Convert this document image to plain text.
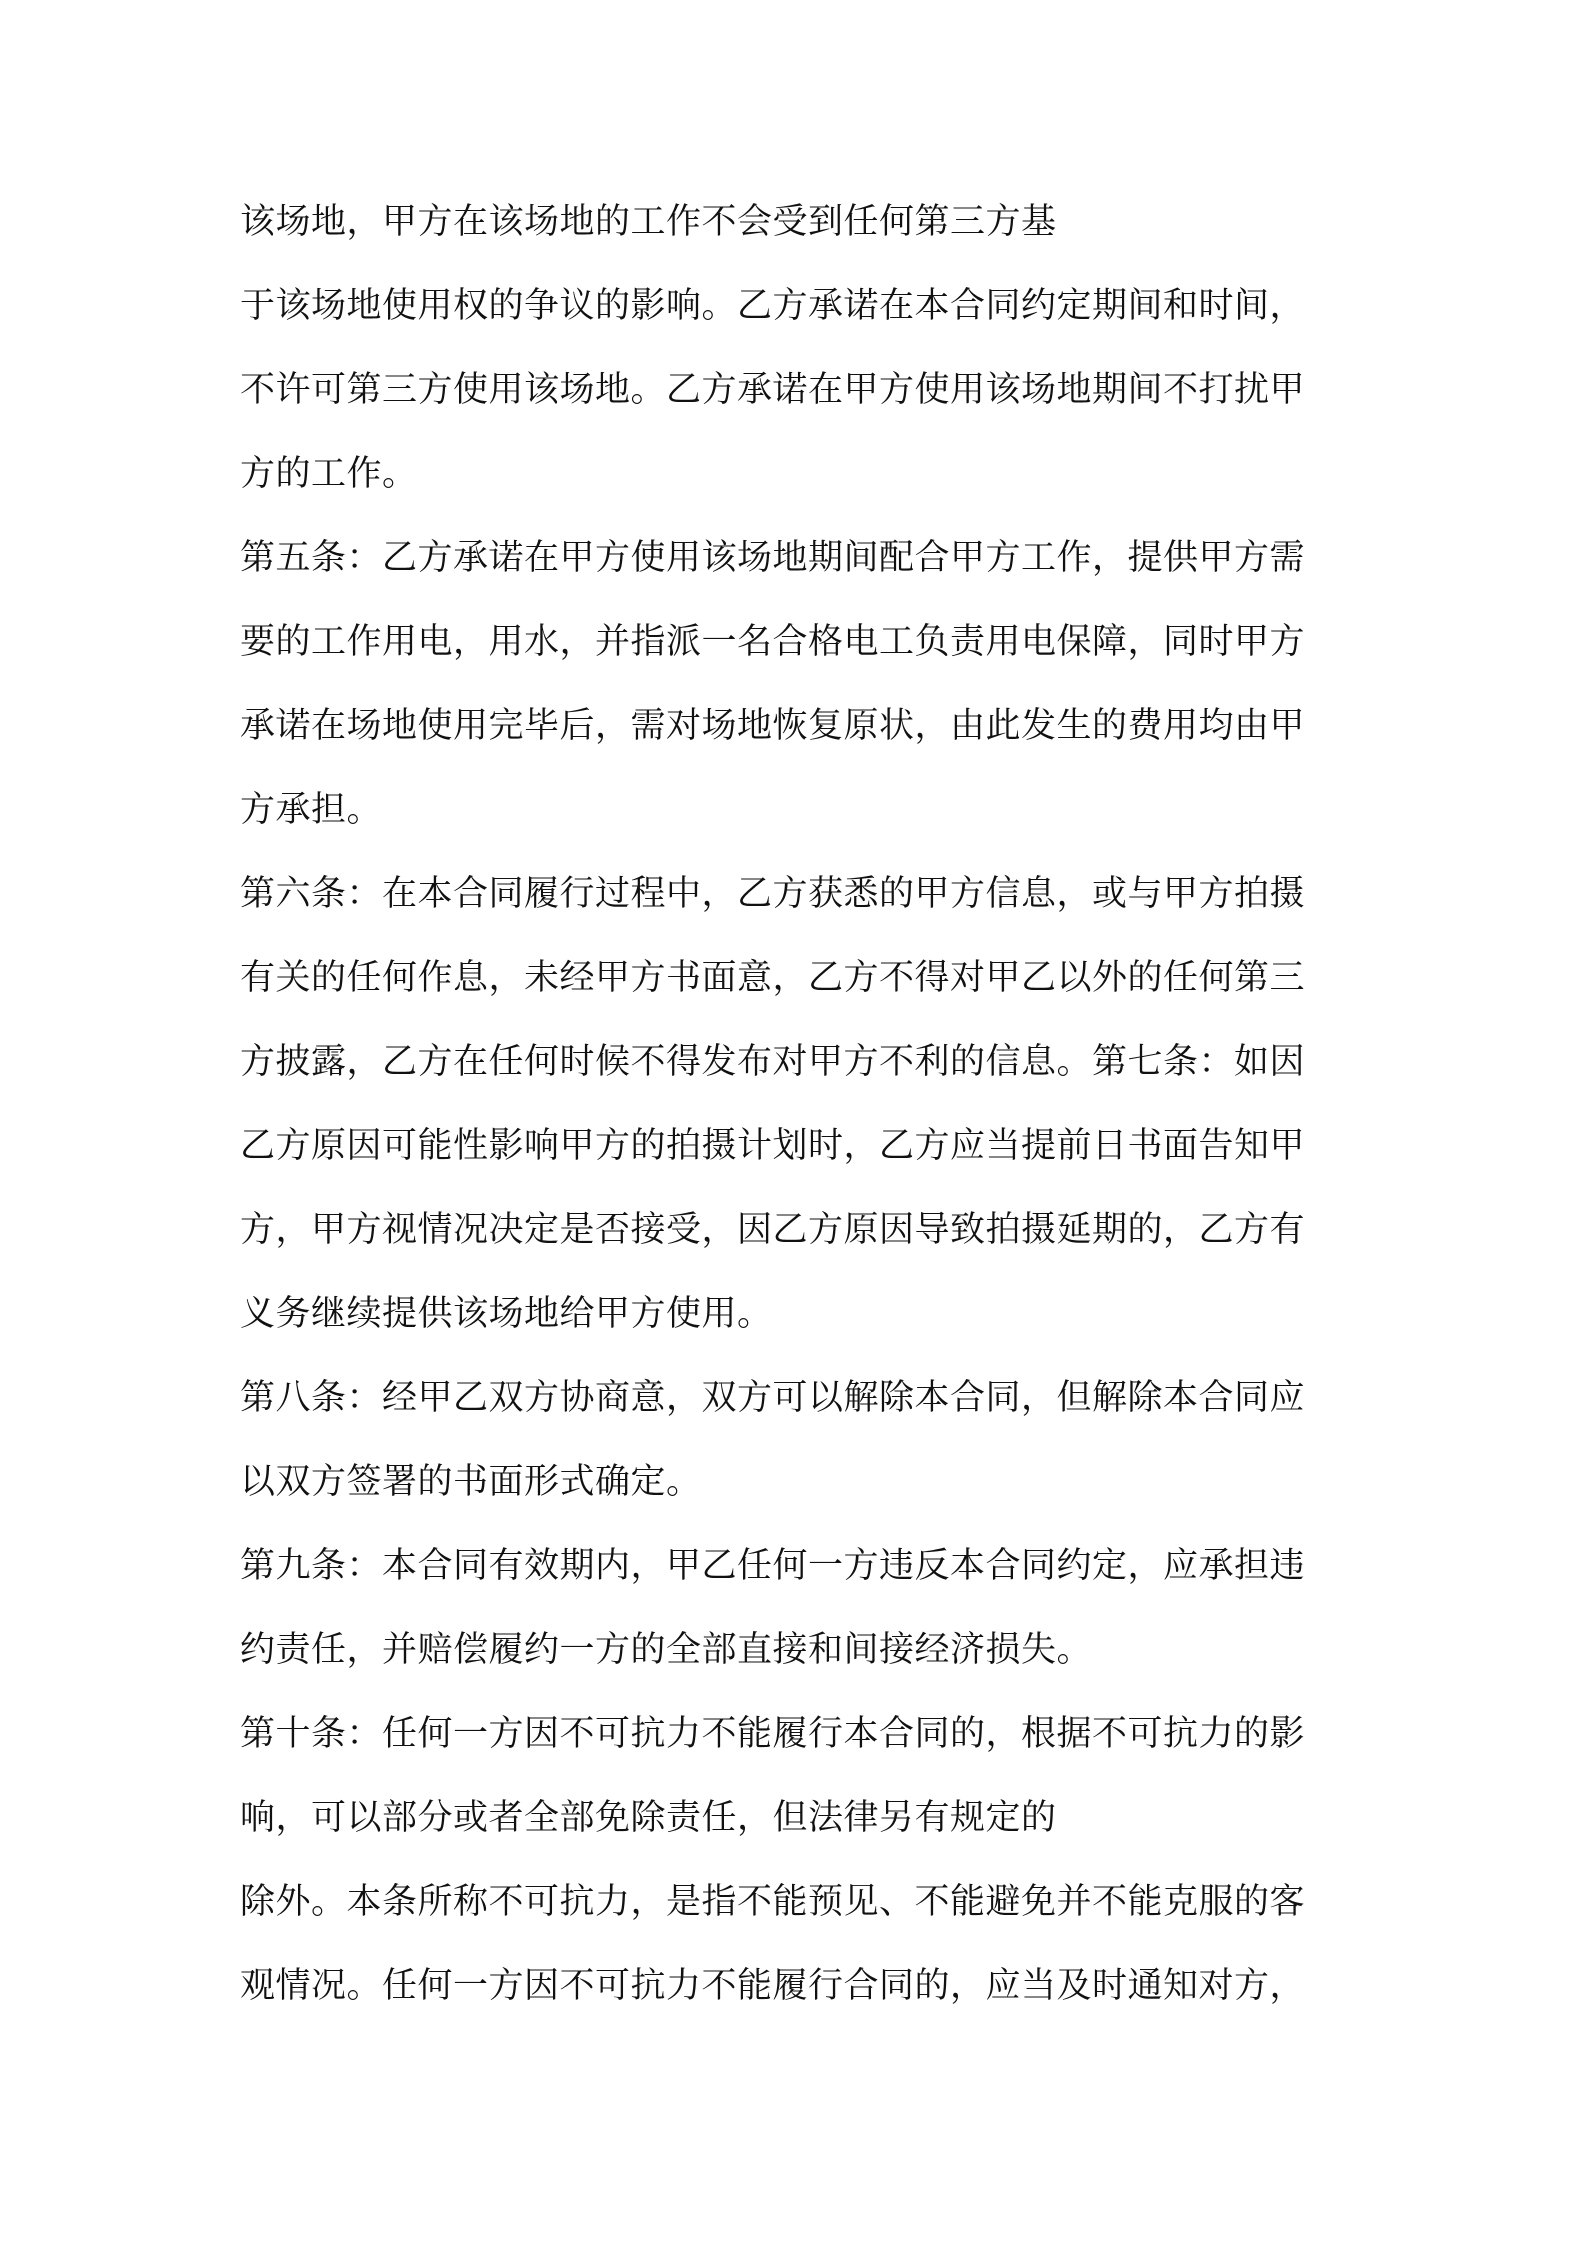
该场地，甲方在该场地的工作不会受到任何第三方基
于该场地使用权的争议的影响。乙方承诺在本合同约定期间和时间，
不许可第三方使用该场地。乙方承诺在甲方使用该场地期间不打扰甲
方的工作。
第五条：乙方承诺在甲方使用该场地期间配合甲方工作，提供甲方需
要的工作用电，用水，并指派一名合格电工负责用电保障，同时甲方
承诺在场地使用完毕后，需对场地恢复原状，由此发生的费用均由甲
方承担。
第六条：在本合同履行过程中，乙方获悉的甲方信息，或与甲方拍摄
有关的任何作息，未经甲方书面意，乙方不得对甲乙以外的任何第三
方披露，乙方在任何时候不得发布对甲方不利的信息。第七条：如因
乙方原因可能性影响甲方的拍摄计划时，乙方应当提前日书面告知甲
方，甲方视情况决定是否接受，因乙方原因导致拍摄延期的，乙方有
义务继续提供该场地给甲方使用。
第八条：经甲乙双方协商意，双方可以解除本合同，但解除本合同应
以双方签署的书面形式确定。
第九条：本合同有效期内，甲乙任何一方违反本合同约定，应承担违
约责任，并赔偿履约一方的全部直接和间接经济损失。
第十条：任何一方因不可抗力不能履行本合同的，根据不可抗力的影
响，可以部分或者全部免除责任，但法律另有规定的
除外。本条所称不可抗力，是指不能预见、不能避免并不能克服的客
观情况。任何一方因不可抗力不能履行合同的，应当及时通知对方，
